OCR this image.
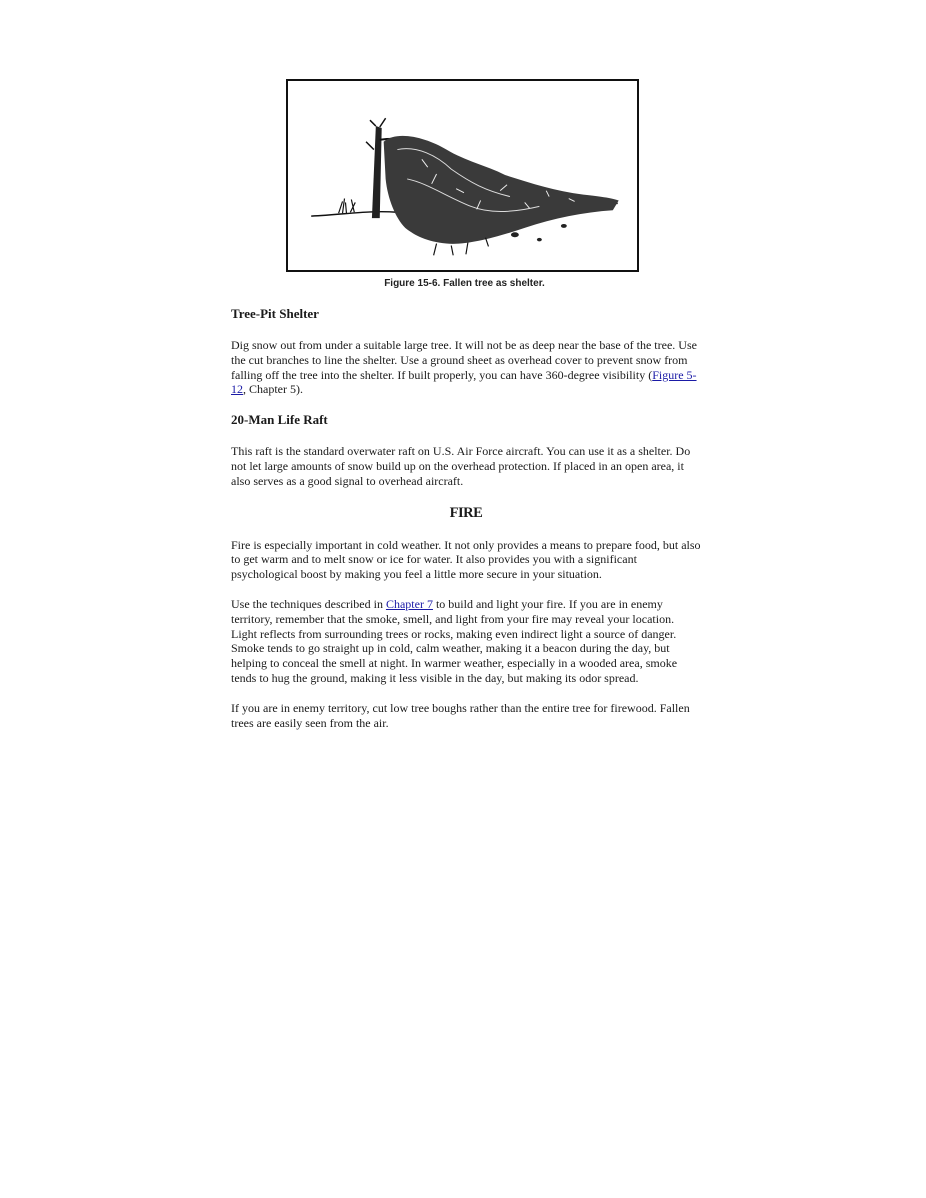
Figure 15-6. Fallen tree as shelter.
Tree-Pit Shelter

Dig snow out from under a suitable large tree. It will not be as deep near the base of the tree. Use the cut branches to line the shelter. Use a ground sheet as overhead cover to prevent snow from falling off the tree into the shelter. If built properly, you can have 360-degree visibility (Figure 5-12, Chapter 5).

20-Man Life Raft

This raft is the standard overwater raft on U.S. Air Force aircraft. You can use it as a shelter. Do not let large amounts of snow build up on the overhead protection. If placed in an open area, it also serves as a good signal to overhead aircraft.

FIRE

Fire is especially important in cold weather. It not only provides a means to prepare food, but also to get warm and to melt snow or ice for water. It also provides you with a significant psychological boost by making you feel a little more secure in your situation.

Use the techniques described in Chapter 7 to build and light your fire. If you are in enemy territory, remember that the smoke, smell, and light from your fire may reveal your location. Light reflects from surrounding trees or rocks, making even indirect light a source of danger. Smoke tends to go straight up in cold, calm weather, making it a beacon during the day, but helping to conceal the smell at night. In warmer weather, especially in a wooded area, smoke tends to hug the ground, making it less visible in the day, but making its odor spread.

If you are in enemy territory, cut low tree boughs rather than the entire tree for firewood. Fallen trees are easily seen from the air.
